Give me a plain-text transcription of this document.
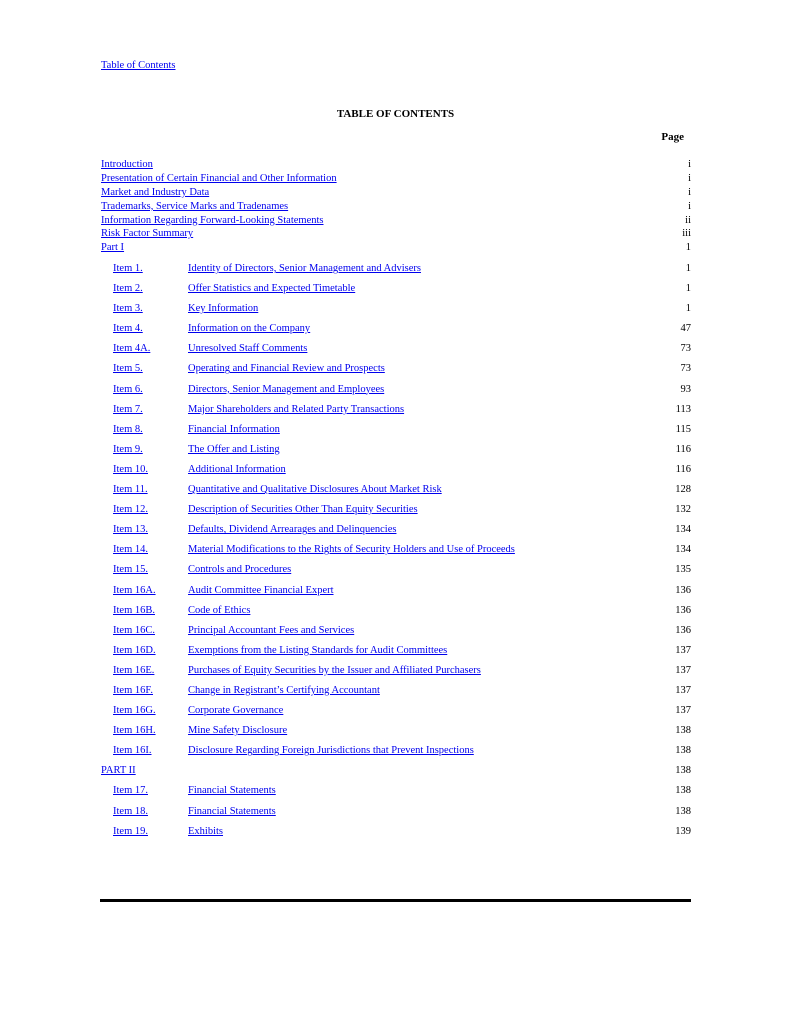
Table of Contents
TABLE OF CONTENTS
Page
Introduction	i
Presentation of Certain Financial and Other Information	i
Market and Industry Data	i
Trademarks, Service Marks and Tradenames	i
Information Regarding Forward-Looking Statements	ii
Risk Factor Summary	iii
Part I	1
Item 1.	Identity of Directors, Senior Management and Advisers	1
Item 2.	Offer Statistics and Expected Timetable	1
Item 3.	Key Information	1
Item 4.	Information on the Company	47
Item 4A.	Unresolved Staff Comments	73
Item 5.	Operating and Financial Review and Prospects	73
Item 6.	Directors, Senior Management and Employees	93
Item 7.	Major Shareholders and Related Party Transactions	113
Item 8.	Financial Information	115
Item 9.	The Offer and Listing	116
Item 10.	Additional Information	116
Item 11.	Quantitative and Qualitative Disclosures About Market Risk	128
Item 12.	Description of Securities Other Than Equity Securities	132
Item 13.	Defaults, Dividend Arrearages and Delinquencies	134
Item 14.	Material Modifications to the Rights of Security Holders and Use of Proceeds	134
Item 15.	Controls and Procedures	135
Item 16A.	Audit Committee Financial Expert	136
Item 16B.	Code of Ethics	136
Item 16C.	Principal Accountant Fees and Services	136
Item 16D.	Exemptions from the Listing Standards for Audit Committees	137
Item 16E.	Purchases of Equity Securities by the Issuer and Affiliated Purchasers	137
Item 16F.	Change in Registrant’s Certifying Accountant	137
Item 16G.	Corporate Governance	137
Item 16H.	Mine Safety Disclosure	138
Item 16I.	Disclosure Regarding Foreign Jurisdictions that Prevent Inspections	138
PART II	138
Item 17.	Financial Statements	138
Item 18.	Financial Statements	138
Item 19.	Exhibits	139
